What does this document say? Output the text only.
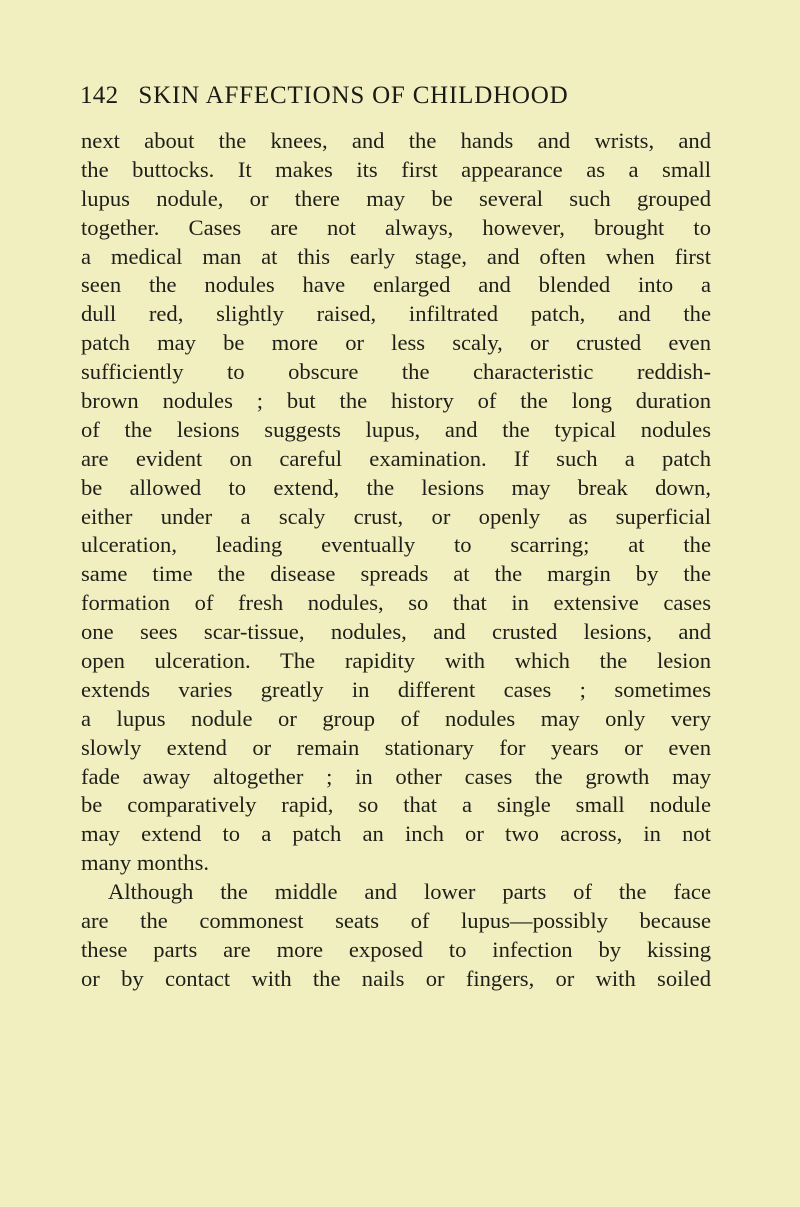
142 SKIN AFFECTIONS OF CHILDHOOD
next about the knees, and the hands and wrists, and
the buttocks. It makes its first appearance as a small
lupus nodule, or there may be several such grouped
together. Cases are not always, however, brought to
a medical man at this early stage, and often when first
seen the nodules have enlarged and blended into a
dull red, slightly raised, infiltrated patch, and the
patch may be more or less scaly, or crusted even
sufficiently to obscure the characteristic reddish-
brown nodules ; but the history of the long duration
of the lesions suggests lupus, and the typical nodules
are evident on careful examination. If such a patch
be allowed to extend, the lesions may break down,
either under a scaly crust, or openly as superficial
ulceration, leading eventually to scarring; at the
same time the disease spreads at the margin by the
formation of fresh nodules, so that in extensive cases
one sees scar-tissue, nodules, and crusted lesions, and
open ulceration. The rapidity with which the lesion
extends varies greatly in different cases ; sometimes
a lupus nodule or group of nodules may only very
slowly extend or remain stationary for years or even
fade away altogether ; in other cases the growth may
be comparatively rapid, so that a single small nodule
may extend to a patch an inch or two across, in not
many months.
Although the middle and lower parts of the face
are the commonest seats of lupus—possibly because
these parts are more exposed to infection by kissing
or by contact with the nails or fingers, or with soiled
